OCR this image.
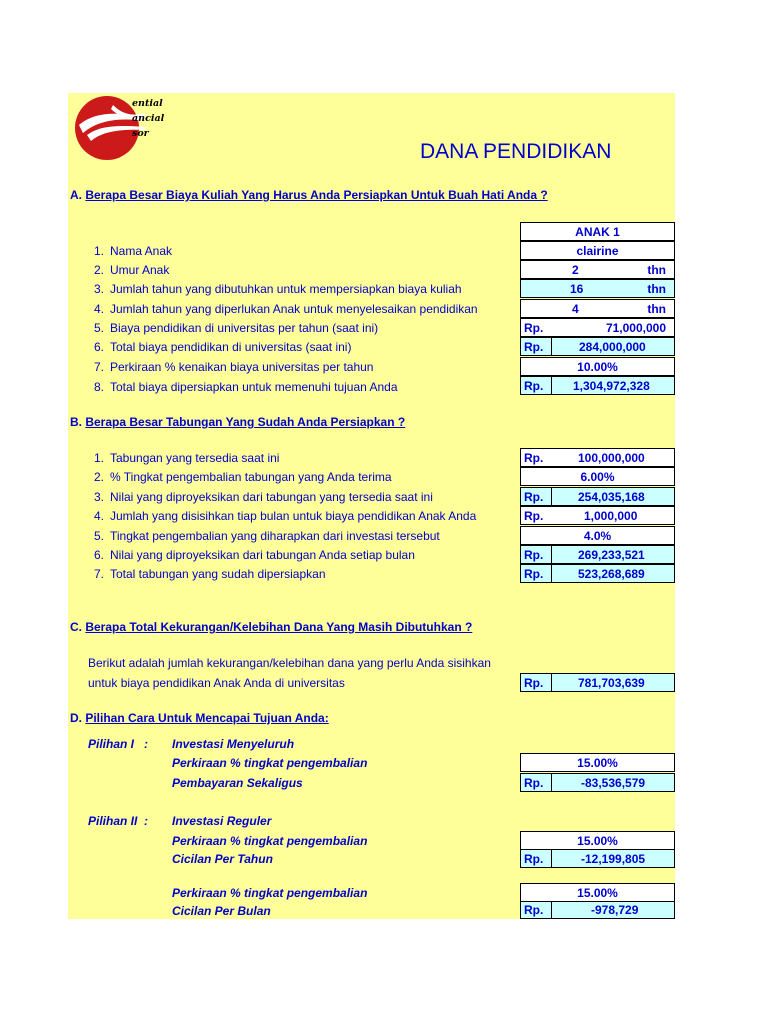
ential
ancial
sor
DANA PENDIDIKAN
A. Berapa Besar Biaya Kuliah Yang Harus Anda Persiapkan Untuk Buah Hati Anda ?
ANAK 1
1. Nama Anak	clairine
2. Umur Anak	2	thn
3. Jumlah tahun yang dibutuhkan untuk mempersiapkan biaya kuliah	16	thn
4. Jumlah tahun yang diperlukan Anak untuk menyelesaikan pendidikan	4	thn
5. Biaya pendidikan di universitas per tahun (saat ini)	Rp.	71,000,000
6. Total biaya pendidikan di universitas (saat ini)	Rp.	284,000,000
7. Perkiraan % kenaikan biaya universitas per tahun	10.00%
8. Total biaya dipersiapkan untuk memenuhi tujuan Anda	Rp. 1,304,972,328
B. Berapa Besar Tabungan Yang Sudah Anda Persiapkan ?
1. Tabungan yang tersedia saat ini	Rp.	100,000,000
2. % Tingkat pengembalian tabungan yang Anda terima	6.00%
3. Nilai yang diproyeksikan dari tabungan yang tersedia saat ini	Rp.	254,035,168
4. Jumlah yang disisihkan tiap bulan untuk biaya pendidikan Anak Anda	Rp.	1,000,000
5. Tingkat pengembalian yang diharapkan dari investasi tersebut	4.0%
6. Nilai yang diproyeksikan dari tabungan Anda setiap bulan	Rp.	269,233,521
7. Total tabungan yang sudah dipersiapkan	Rp.	523,268,689
C. Berapa Total Kekurangan/Kelebihan Dana Yang Masih Dibutuhkan ?
Berikut adalah jumlah kekurangan/kelebihan dana yang perlu Anda sisihkan
untuk biaya pendidikan Anak Anda di universitas	Rp.	781,703,639
D. Pilihan Cara Untuk Mencapai Tujuan Anda:
Pilihan I   : Investasi Menyeluruh
Perkiraan % tingkat pengembalian	15.00%
Pembayaran Sekaligus	Rp.	-83,536,579
Pilihan II  : Investasi Reguler
Perkiraan % tingkat pengembalian	15.00%
Cicilan Per Tahun	Rp.	-12,199,805
Perkiraan % tingkat pengembalian	15.00%
Cicilan Per Bulan	Rp.	-978,729
